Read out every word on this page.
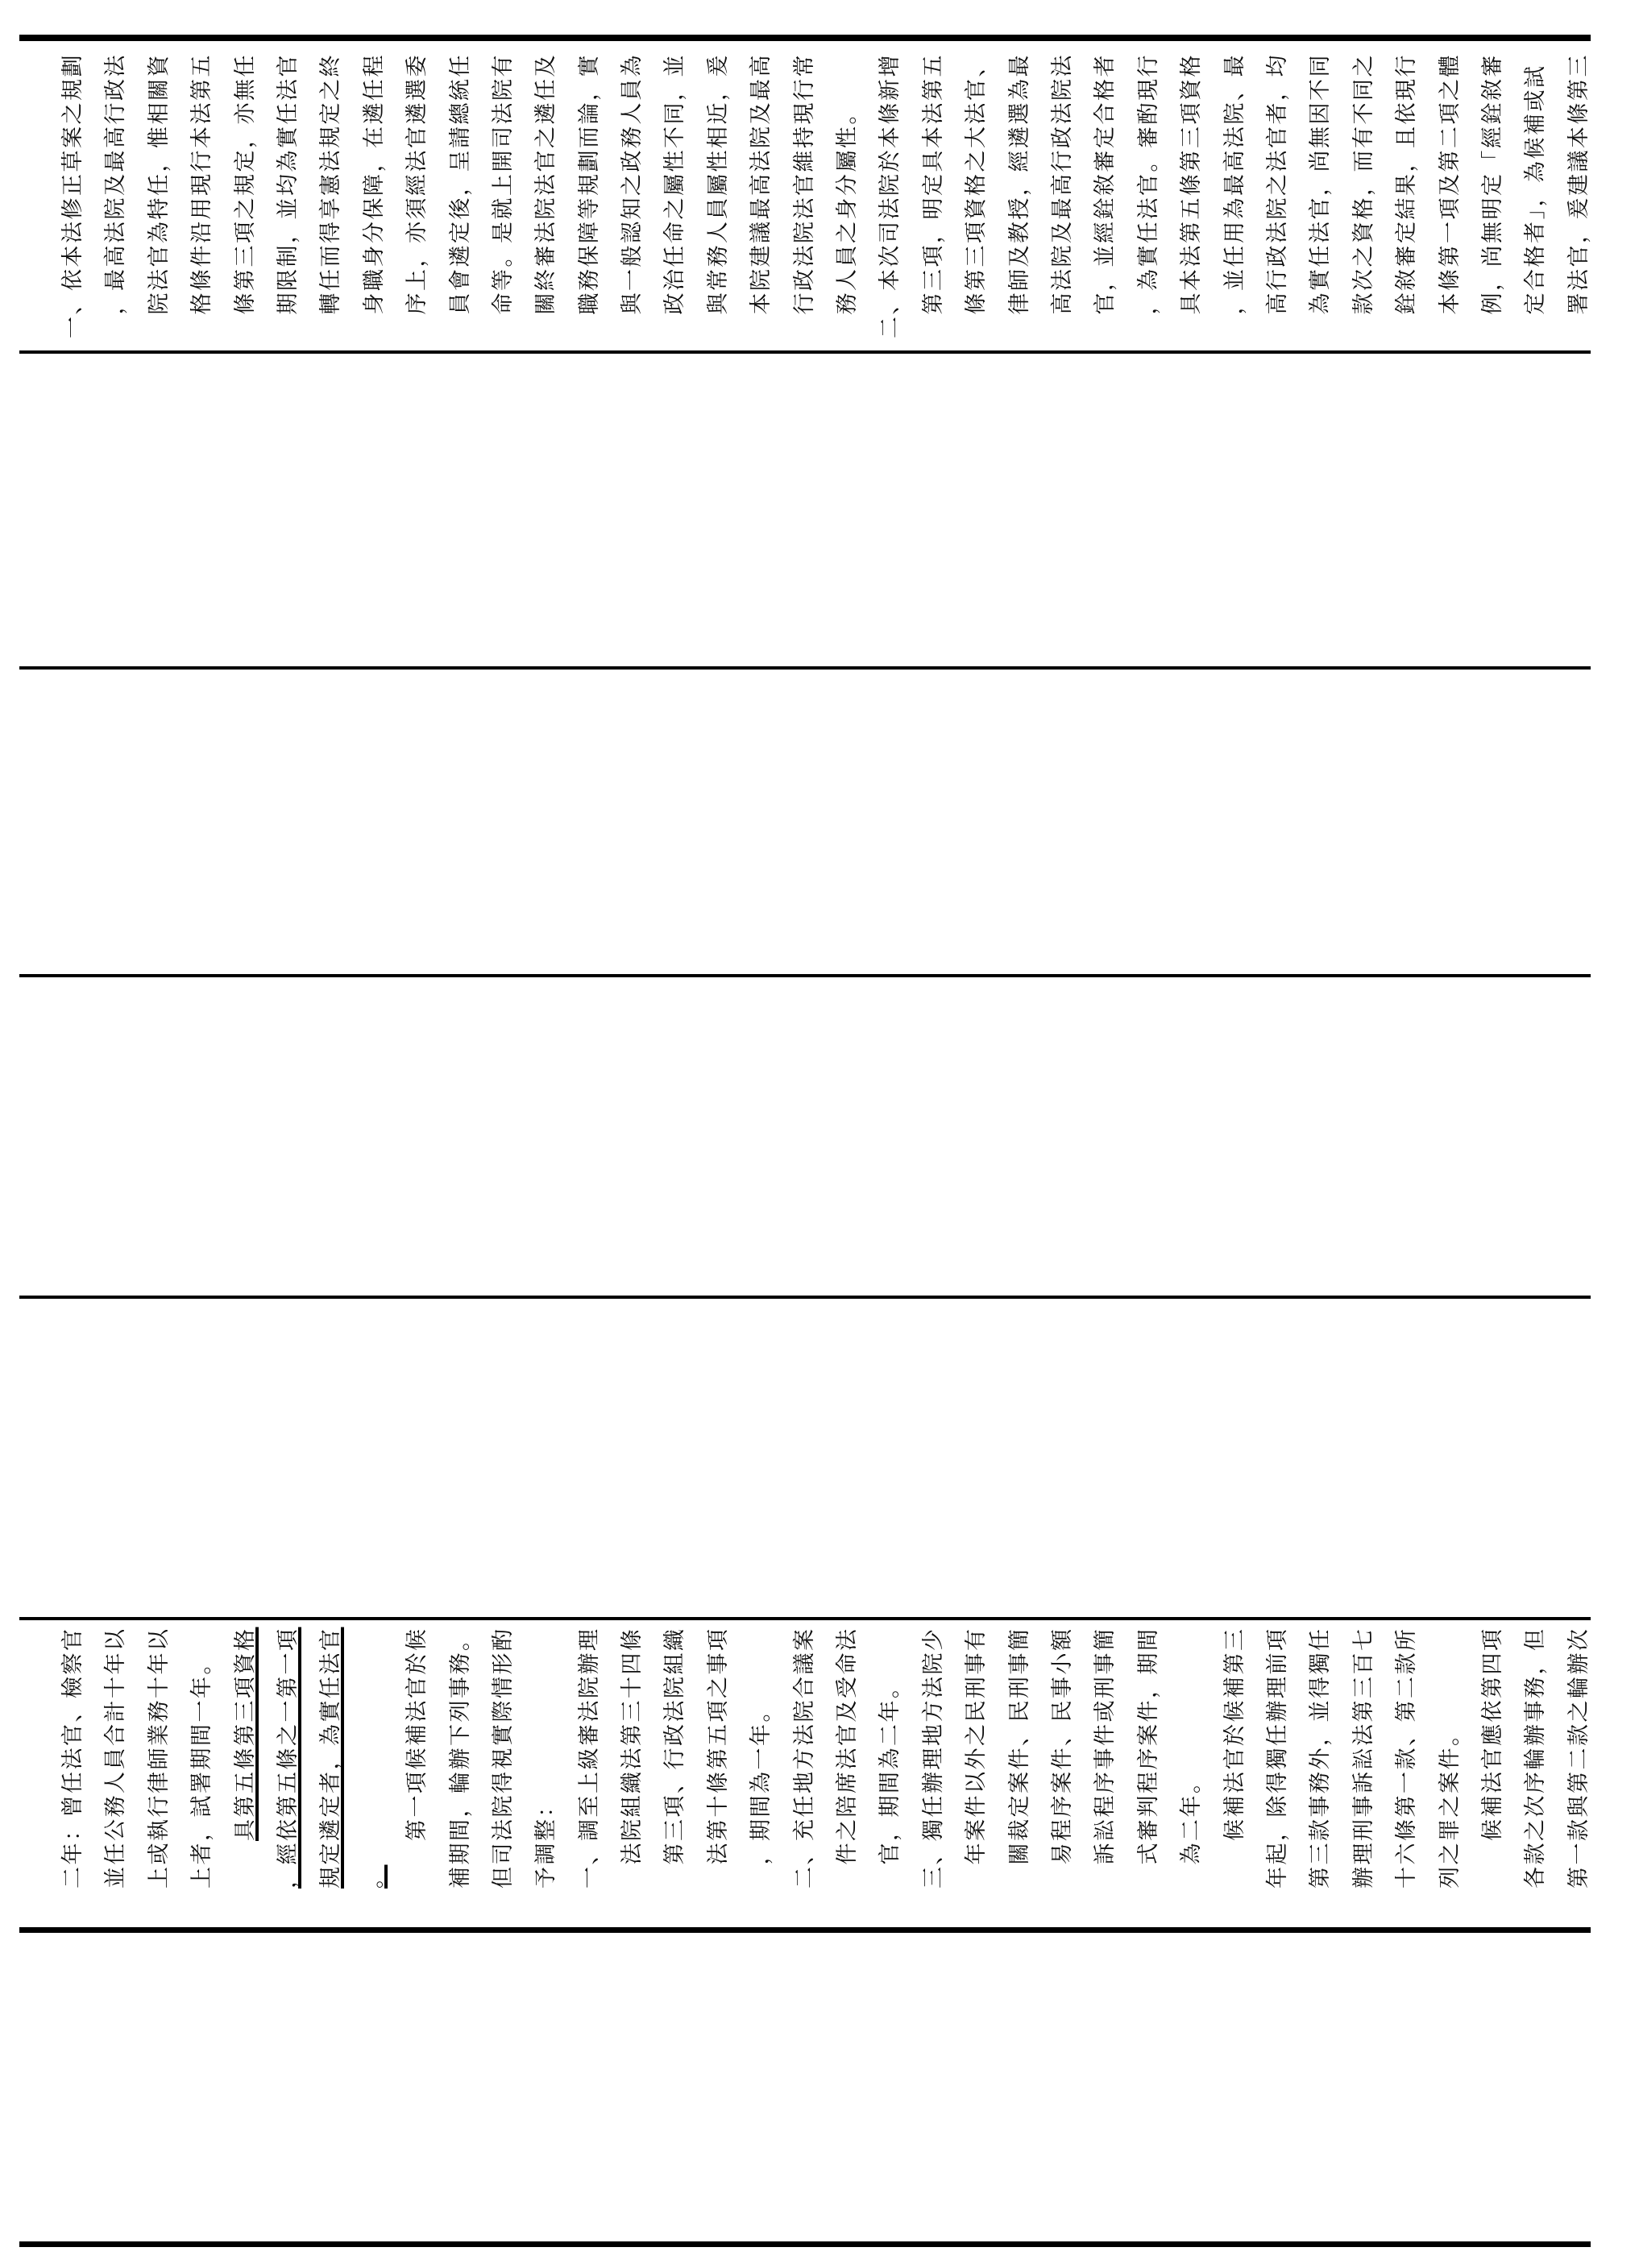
二年：曾任法官、檢察官 並任公務人員合計十年以 上或執行律師業務十年以 上者，試署期間一年。
　　 具第五條第三項資格 ，經依第五條之一第一項 規定遴定者，為實任法官 。
　　第一項候補法官於候 補期間，輪辦下列事務。 但司法院得視實際情形酌 予調整： 一、調至上級審法院辦理
　 法院組織法第三十四條
　 第三項、行政法院組織
　 法第十條第五項之事項
　 ，期間為一年。 二、充任地方法院合議案
　 件之陪席法官及受命法
　 官，期間為二年。 三、獨任辦理地方法院少
　 年案件以外之民刑事有
　 關裁定案件、民刑事簡
　 易程序案件、民事小額
　 訴訟程序事件或刑事簡
　 式審判程序案件，期間
　 為二年。
　　 候補法官於候補第三 年起，除得獨任辦理前項 第三款事務外，並得獨任 辦理刑事訴訟法第三百七 十六條第一款、第二款所 列之罪之案件。
　　 候補法官應依第四項 各款之次序輪辦事務，但 第一款與第二款之輪辦次
一、依本法修正草案之規劃
　 ，最高法院及最高行政法
　 院法官為特任，惟相關資
　 格條件沿用現行本法第五
　 條第三項之規定，亦無任
　 期限制，並均為實任法官
　 轉任而得享憲法規定之終
　 身職身分保障，在遴任程
　 序上，亦須經法官遴選委
　 員會遴定後，呈請總統任
　 命等。是就上開司法院有
　 關終審法院法官之遴任及
　 職務保障等規劃而論，實
　 與一般認知之政務人員為
　 政治任命之屬性不同，並
　 與常務人員屬性相近，爰
　 本院建議最高法院及最高
　 行政法院法官維持現行常
　 務人員之身分屬性。 二、本次司法院於本條新增
　 第三項，明定具本法第五
　 條第三項資格之大法官、
　 律師及教授，經遴選為最
　 高法院及最高行政法院法
　 官，並經銓敘審定合格者
　 ，為實任法官。審酌現行
　 具本法第五條第三項資格
　 ，並任用為最高法院、最
　 高行政法院之法官者，均
　 為實任法官，尚無因不同
　 款次之資格，而有不同之
　 銓敘審定結果，且依現行
　 本條第一項及第二項之體
　 例，尚無明定「經銓敘審
　 定合格者」，為候補或試
　 署法官，爰建議本條第三
